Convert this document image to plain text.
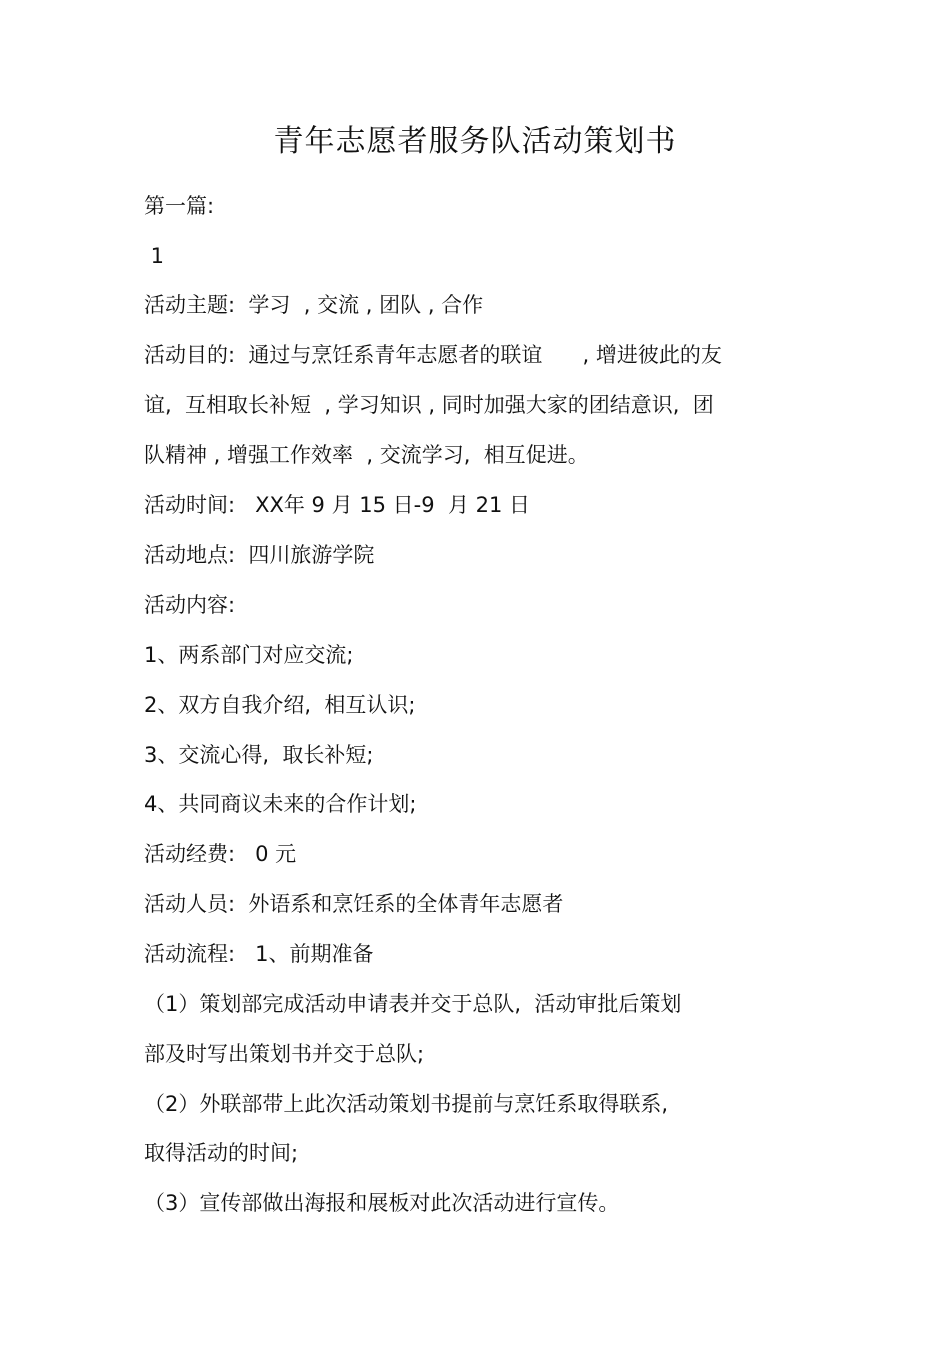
青年志愿者服务队活动策划书
第一篇:
1
活动主题:  学习  , 交流 , 团队 , 合作
活动目的:  通过与烹饪系青年志愿者的联谊      , 增进彼此的友
谊,  互相取长补短  , 学习知识 , 同时加强大家的团结意识,  团
队精神 , 增强工作效率  , 交流学习,  相互促进。
活动时间:   XX年 9 月 15 日-9  月 21 日
活动地点:  四川旅游学院
活动内容:
1、两系部门对应交流;
2、双方自我介绍,  相互认识;
3、交流心得,  取长补短;
4、共同商议未来的合作计划;
活动经费:   0 元
活动人员:  外语系和烹饪系的全体青年志愿者
活动流程:   1、前期准备
（1）策划部完成活动申请表并交于总队,  活动审批后策划
部及时写出策划书并交于总队;
（2）外联部带上此次活动策划书提前与烹饪系取得联系,
取得活动的时间;
（3）宣传部做出海报和展板对此次活动进行宣传。
